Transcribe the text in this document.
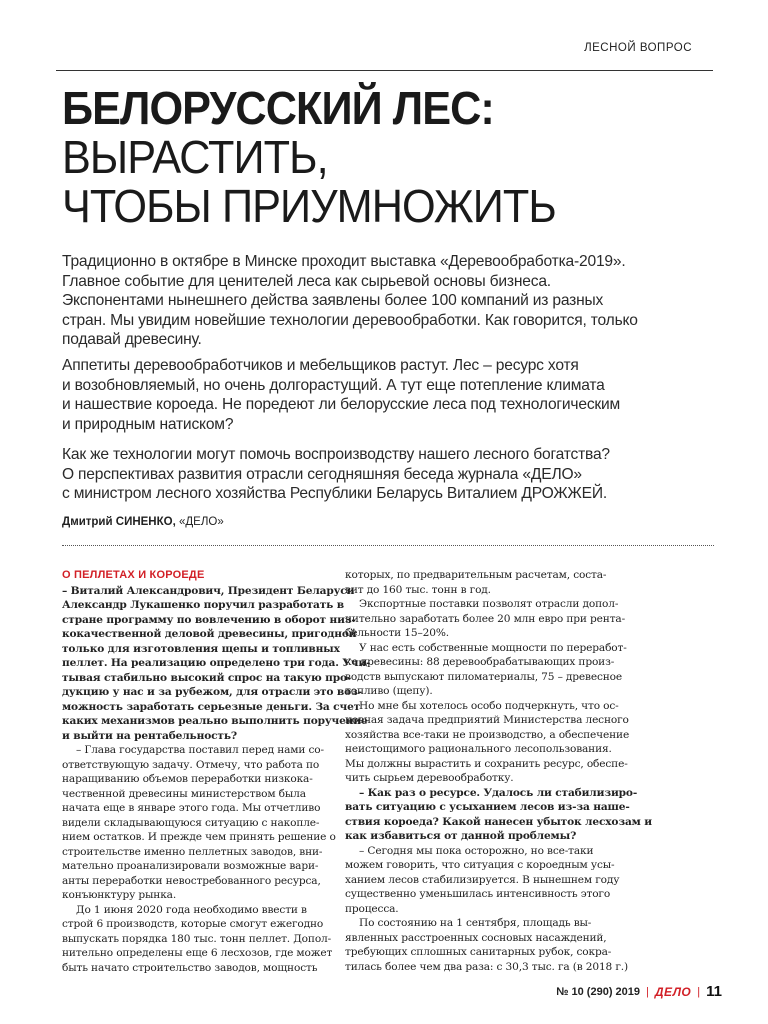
ЛЕСНОЙ ВОПРОС
БЕЛОРУССКИЙ ЛЕС:
ВЫРАСТИТЬ,
ЧТОБЫ ПРИУМНОЖИТЬ

Традиционно в октябре в Минске проходит выставка «Деревообработка-2019».
Главное событие для ценителей леса как сырьевой основы бизнеса.
Экспонентами нынешнего действа заявлены более 100 компаний из разных
стран. Мы увидим новейшие технологии деревообработки. Как говорится, только
подавай древесину.

Аппетиты деревообработчиков и мебельщиков растут. Лес – ресурс хотя
и возобновляемый, но очень долгорастущий. А тут еще потепление климата
и нашествие короеда. Не поредеют ли белорусские леса под технологическим
и природным натиском?

Как же технологии могут помочь воспроизводству нашего лесного богатства?
О перспективах развития отрасли сегодняшняя беседа журнала «ДЕЛО»
с министром лесного хозяйства Республики Беларусь Виталием ДРОЖЖЕЙ.

Дмитрий СИНЕНКО, «ДЕЛО»
О ПЕЛЛЕТАХ И КОРОЕДЕ
– Виталий Александрович, Президент Беларуси
Александр Лукашенко поручил разработать в
стране программу по вовлечению в оборот низ-
кокачественной деловой древесины, пригодной
только для изготовления щепы и топливных
пеллет. На реализацию определено три года. Учи-
тывая стабильно высокий спрос на такую про-
дукцию у нас и за рубежом, для отрасли это воз-
можность заработать серьезные деньги. За счет
каких механизмов реально выполнить поручение
и выйти на рентабельность?
– Глава государства поставил перед нами со-
ответствующую задачу. Отмечу, что работа по
наращиванию объемов переработки низкока-
чественной древесины министерством была
начата еще в январе этого года. Мы отчетливо
видели складывающуюся ситуацию с накопле-
нием остатков. И прежде чем принять решение о
строительстве именно пеллетных заводов, вни-
мательно проанализировали возможные вари-
анты переработки невостребованного ресурса,
конъюнктуру рынка.
До 1 июня 2020 года необходимо ввести в
строй 6 производств, которые смогут ежегодно
выпускать порядка 180 тыс. тонн пеллет. Допол-
нительно определены еще 6 лесхозов, где может
быть начато строительство заводов, мощность
которых, по предварительным расчетам, соста-
вит до 160 тыс. тонн в год.
Экспортные поставки позволят отрасли допол-
нительно заработать более 20 млн евро при рента-
бельности 15–20%.
У нас есть собственные мощности по переработ-
ке древесины: 88 деревообрабатывающих произ-
водств выпускают пиломатериалы, 75 – древесное
топливо (щепу).
Но мне бы хотелось особо подчеркнуть, что ос-
новная задача предприятий Министерства лесного
хозяйства все-таки не производство, а обеспечение
неистощимого рационального лесопользования.
Мы должны вырастить и сохранить ресурс, обеспе-
чить сырьем деревообработку.
– Как раз о ресурсе. Удалось ли стабилизиро-
вать ситуацию с усыханием лесов из-за наше-
ствия короеда? Какой нанесен убыток лесхозам и
как избавиться от данной проблемы?
– Сегодня мы пока осторожно, но все-таки
можем говорить, что ситуация с короедным усы-
ханием лесов стабилизируется. В нынешнем году
существенно уменьшилась интенсивность этого
процесса.
По состоянию на 1 сентября, площадь вы-
явленных расстроенных сосновых насаждений,
требующих сплошных санитарных рубок, сокра-
тилась более чем два раза: с 30,3 тыс. га (в 2018 г.)
№ 10 (290) 2019 | ДЕЛО | 11
